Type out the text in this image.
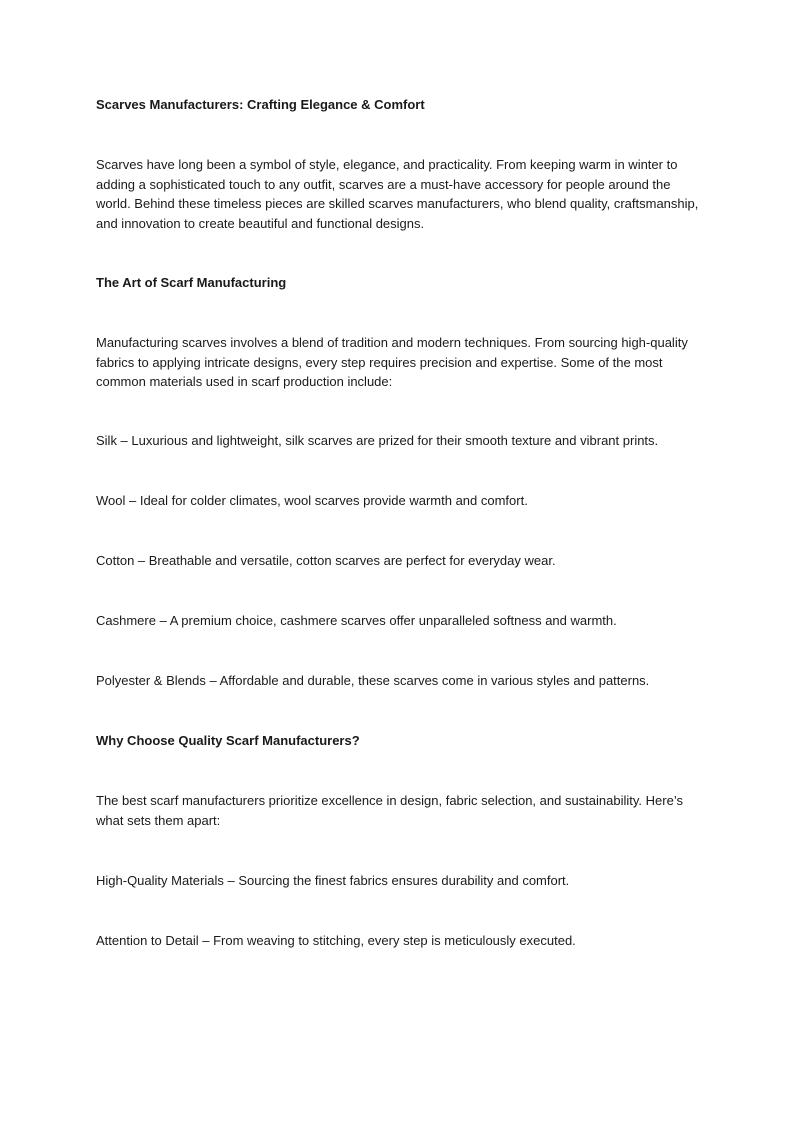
Scarves Manufacturers: Crafting Elegance & Comfort

Scarves have long been a symbol of style, elegance, and practicality. From keeping warm in winter to adding a sophisticated touch to any outfit, scarves are a must-have accessory for people around the world. Behind these timeless pieces are skilled scarves manufacturers, who blend quality, craftsmanship, and innovation to create beautiful and functional designs.

The Art of Scarf Manufacturing

Manufacturing scarves involves a blend of tradition and modern techniques. From sourcing high-quality fabrics to applying intricate designs, every step requires precision and expertise. Some of the most common materials used in scarf production include:

Silk – Luxurious and lightweight, silk scarves are prized for their smooth texture and vibrant prints.

Wool – Ideal for colder climates, wool scarves provide warmth and comfort.

Cotton – Breathable and versatile, cotton scarves are perfect for everyday wear.

Cashmere – A premium choice, cashmere scarves offer unparalleled softness and warmth.

Polyester & Blends – Affordable and durable, these scarves come in various styles and patterns.

Why Choose Quality Scarf Manufacturers?

The best scarf manufacturers prioritize excellence in design, fabric selection, and sustainability. Here’s what sets them apart:

High-Quality Materials – Sourcing the finest fabrics ensures durability and comfort.

Attention to Detail – From weaving to stitching, every step is meticulously executed.
